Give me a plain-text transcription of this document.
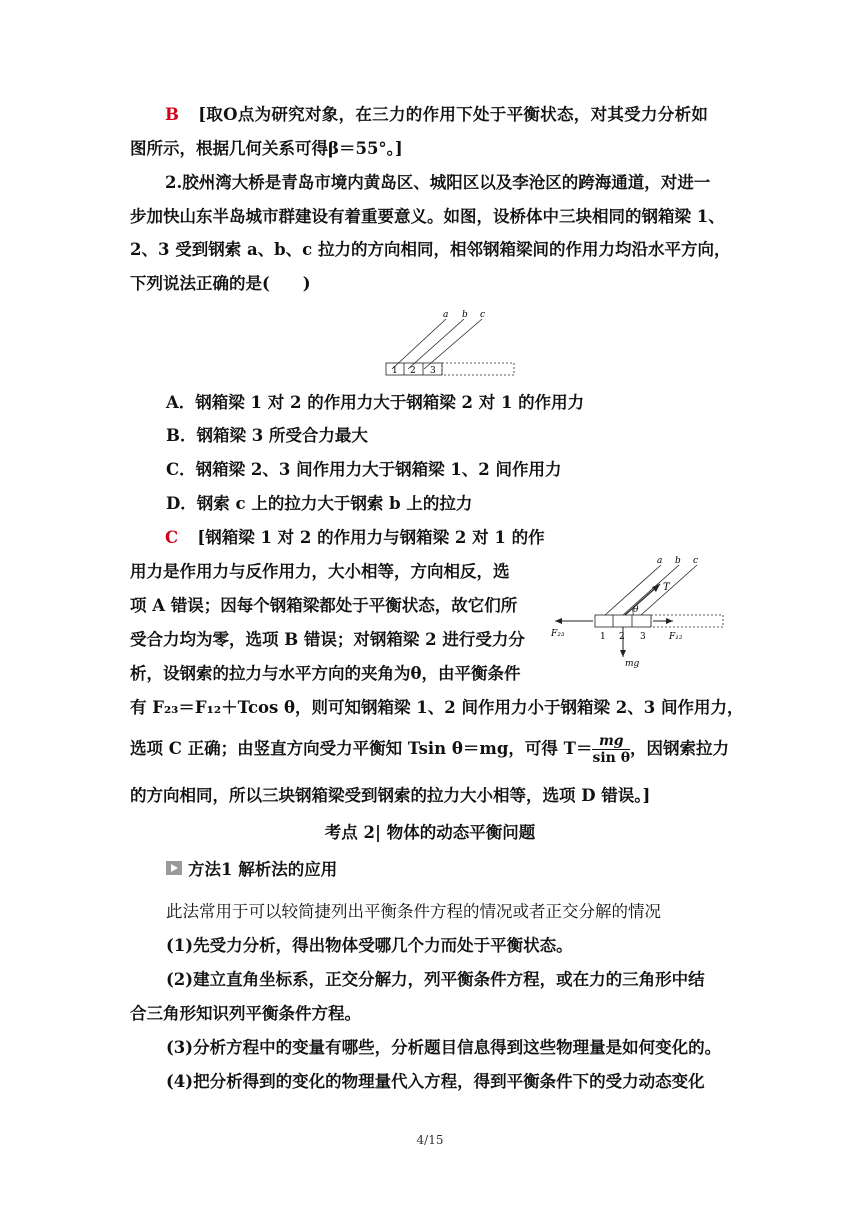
B [取O点为研究对象，在三力的作用下处于平衡状态，对其受力分析如
图所示，根据几何关系可得β＝55°。]
2.胶州湾大桥是青岛市境内黄岛区、城阳区以及李沧区的跨海通道，对进一
步加快山东半岛城市群建设有着重要意义。如图，设桥体中三块相同的钢箱梁 1、
2、3 受到钢索 a、b、c 拉力的方向相同，相邻钢箱梁间的作用力均沿水平方向，
下列说法正确的是(　　)
a b c
1 2 3
A．钢箱梁 1 对 2 的作用力大于钢箱梁 2 对 1 的作用力
B．钢箱梁 3 所受合力最大
C．钢箱梁 2、3 间作用力大于钢箱梁 1、2 间作用力
D．钢索 c 上的拉力大于钢索 b 上的拉力
C [钢箱梁 1 对 2 的作用力与钢箱梁 2 对 1 的作
用力是作用力与反作用力，大小相等，方向相反，选
项 A 错误；因每个钢箱梁都处于平衡状态，故它们所
受合力均为零，选项 B 错误；对钢箱梁 2 进行受力分
析，设钢索的拉力与水平方向的夹角为θ，由平衡条件
a b c
T
θ
F₂₃	1 2 3	F₁₂
mg
有 F₂₃＝F₁₂＋Tcos θ，则可知钢箱梁 1、2 间作用力小于钢箱梁 2、3 间作用力，
选项 C 正确；由竖直方向受力平衡知 Tsin θ＝mg，可得 $T= \frac{mg}{\text{sin θ}}$ ，因钢索拉力
的方向相同，所以三块钢箱梁受到钢索的拉力大小相等，选项 D 错误。]
考点 2| 物体的动态平衡问题
方法1 解析法的应用
此法常用于可以较简捷列出平衡条件方程的情况或者正交分解的情况
(1)先受力分析，得出物体受哪几个力而处于平衡状态。
(2)建立直角坐标系，正交分解力，列平衡条件方程，或在力的三角形中结
合三角形知识列平衡条件方程。
(3)分析方程中的变量有哪些，分析题目信息得到这些物理量是如何变化的。
(4)把分析得到的变化的物理量代入方程，得到平衡条件下的受力动态变化
4/15
